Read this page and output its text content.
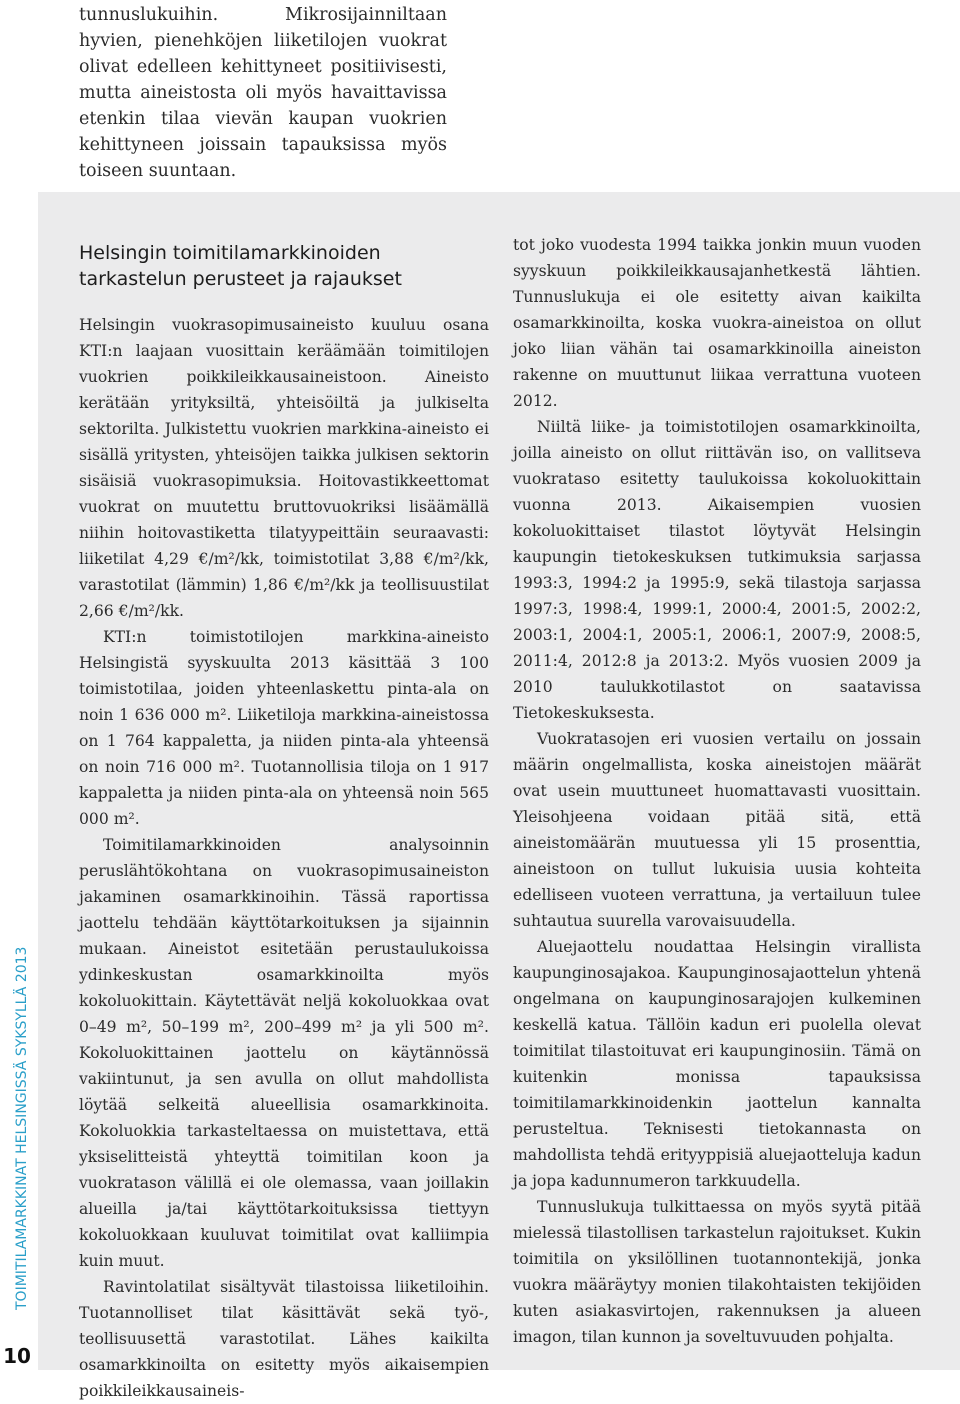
tunnuslukuihin. Mikrosijainniltaan hyvien, pienehköjen liiketilojen vuokrat olivat edelleen kehittyneet positiivisesti, mutta aineistosta oli myös havaittavissa etenkin tilaa vievän kaupan vuokrien kehittyneen joissain tapauksissa myös toiseen suuntaan.

TOIMITILAMARKKINAT HELSINGISSÄ SYKSYLLÄ 2013
10
Helsingin toimitilamarkkinoiden
tarkastelun perusteet ja rajaukset

Helsingin vuokrasopimusaineisto kuuluu osana KTI:n laajaan vuosittain keräämään toimitilojen vuokrien poikkileikkausaineistoon. Aineisto kerätään yrityksiltä, yhteisöiltä ja julkiselta sektorilta. Julkistettu vuokrien markkina-aineisto ei sisällä yritysten, yhteisöjen taikka julkisen sektorin sisäisiä vuokrasopimuksia. Hoitovastikkeettomat vuokrat on muutettu bruttovuokriksi lisäämällä niihin hoitovastiketta tilatyypeittäin seuraavasti: liiketilat 4,29 €/m²/kk, toimistotilat 3,88 €/m²/kk, varastotilat (lämmin) 1,86 €/m²/kk ja teollisuustilat 2,66 €/m²/kk.

KTI:n toimistotilojen markkina-aineisto Helsingistä syyskuulta 2013 käsittää 3 100 toimistotilaa, joiden yhteenlaskettu pinta-ala on noin 1 636 000 m². Liiketiloja markkina-aineistossa on 1 764 kappaletta, ja niiden pinta-ala yhteensä on noin 716 000 m². Tuotannollisia tiloja on 1 917 kappaletta ja niiden pinta-ala on yhteensä noin 565 000 m².

Toimitilamarkkinoiden analysoinnin peruslähtökohtana on vuokrasopimusaineiston jakaminen osamarkkinoihin. Tässä raportissa jaottelu tehdään käyttötarkoituksen ja sijainnin mukaan. Aineistot esitetään perustaulukoissa ydinkeskustan osamarkkinoilta myös kokoluokittain. Käytettävät neljä kokoluokkaa ovat 0–49 m², 50–199 m², 200–499 m² ja yli 500 m². Kokoluokittainen jaottelu on käytännössä vakiintunut, ja sen avulla on ollut mahdollista löytää selkeitä alueellisia osamarkkinoita. Kokoluokkia tarkasteltaessa on muistettava, että yksiselitteistä yhteyttä toimitilan koon ja vuokratason välillä ei ole olemassa, vaan joillakin alueilla ja/tai käyttötarkoituksissa tiettyyn kokoluokkaan kuuluvat toimitilat ovat kalliimpia kuin muut.

Ravintolatilat sisältyvät tilastoissa liiketiloihin. Tuotannolliset tilat käsittävät sekä työ-, teollisuusettä varastotilat. Lähes kaikilta osamarkkinoilta on esitetty myös aikaisempien poikkileikkausaineis-

tot joko vuodesta 1994 taikka jonkin muun vuoden syyskuun poikkileikkausajanhetkestä lähtien. Tunnuslukuja ei ole esitetty aivan kaikilta osamarkkinoilta, koska vuokra-aineistoa on ollut joko liian vähän tai osamarkkinoilla aineiston rakenne on muuttunut liikaa verrattuna vuoteen 2012.

Niiltä liike- ja toimistotilojen osamarkkinoilta, joilla aineisto on ollut riittävän iso, on vallitseva vuokrataso esitetty taulukoissa kokoluokittain vuonna 2013. Aikaisempien vuosien kokoluokittaiset tilastot löytyvät Helsingin kaupungin tietokeskuksen tutkimuksia sarjassa 1993:3, 1994:2 ja 1995:9, sekä tilastoja sarjassa 1997:3, 1998:4, 1999:1, 2000:4, 2001:5, 2002:2, 2003:1, 2004:1, 2005:1, 2006:1, 2007:9, 2008:5, 2011:4, 2012:8 ja 2013:2. Myös vuosien 2009 ja 2010 taulukkotilastot on saatavissa Tietokeskuksesta.

Vuokratasojen eri vuosien vertailu on jossain määrin ongelmallista, koska aineistojen määrät ovat usein muuttuneet huomattavasti vuosittain. Yleisohjeena voidaan pitää sitä, että aineistomäärän muutuessa yli 15 prosenttia, aineistoon on tullut lukuisia uusia kohteita edelliseen vuoteen verrattuna, ja vertailuun tulee suhtautua suurella varovaisuudella.

Aluejaottelu noudattaa Helsingin virallista kaupunginosajakoa. Kaupunginosajaottelun yhtenä ongelmana on kaupunginosarajojen kulkeminen keskellä katua. Tällöin kadun eri puolella olevat toimitilat tilastoituvat eri kaupunginosiin. Tämä on kuitenkin monissa tapauksissa toimitilamarkkinoidenkin jaottelun kannalta perusteltua. Teknisesti tietokannasta on mahdollista tehdä erityyppisiä aluejaotteluja kadun ja jopa kadunnumeron tarkkuudella.

Tunnuslukuja tulkittaessa on myös syytä pitää mielessä tilastollisen tarkastelun rajoitukset. Kukin toimitila on yksilöllinen tuotannontekijä, jonka vuokra määräytyy monien tilakohtaisten tekijöiden kuten asiakasvirtojen, rakennuksen ja alueen imagon, tilan kunnon ja soveltuvuuden pohjalta.
